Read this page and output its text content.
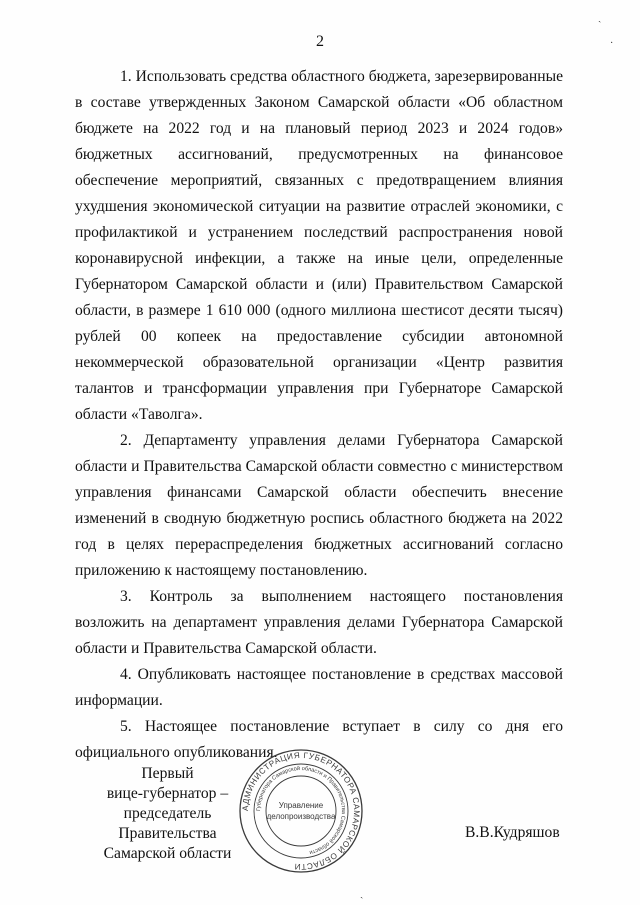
2

1. Использовать средства областного бюджета, зарезервированные в составе утвержденных Законом Самарской области «Об областном бюджете на 2022 год и на плановый период 2023 и 2024 годов» бюджетных ассигнований, предусмотренных на финансовое обеспечение мероприятий, связанных с предотвращением влияния ухудшения экономической ситуации на развитие отраслей экономики, с профилактикой и устранением последствий распространения новой коронавирусной инфекции, а также на иные цели, определенные Губернатором Самарской области и (или) Правительством Самарской области, в размере 1 610 000 (одного миллиона шестисот десяти тысяч) рублей 00 копеек на предоставление субсидии автономной некоммерческой образовательной организации «Центр развития талантов и трансформации управления при Губернаторе Самарской области «Таволга».

2. Департаменту управления делами Губернатора Самарской области и Правительства Самарской области совместно с министерством управления финансами Самарской области обеспечить внесение изменений в сводную бюджетную роспись областного бюджета на 2022 год в целях перераспределения бюджетных ассигнований согласно приложению к настоящему постановлению.

3. Контроль за выполнением настоящего постановления возложить на департамент управления делами Губернатора Самарской области и Правительства Самарской области.

4. Опубликовать настоящее постановление в средствах массовой информации.

5. Настоящее постановление вступает в силу со дня его официального опубликования.

Первый
вице-губернатор –
председатель Правительства
Самарской области
АДМИНИСТРАЦИЯ ГУБЕРНАТОРА САМАРСКОЙ ОБЛАСТИ
Губернатора Самарской области и Правительства Самарской области
Управление
делопроизводства
В.В.Кудряшов
ˎ
·
ˏ
